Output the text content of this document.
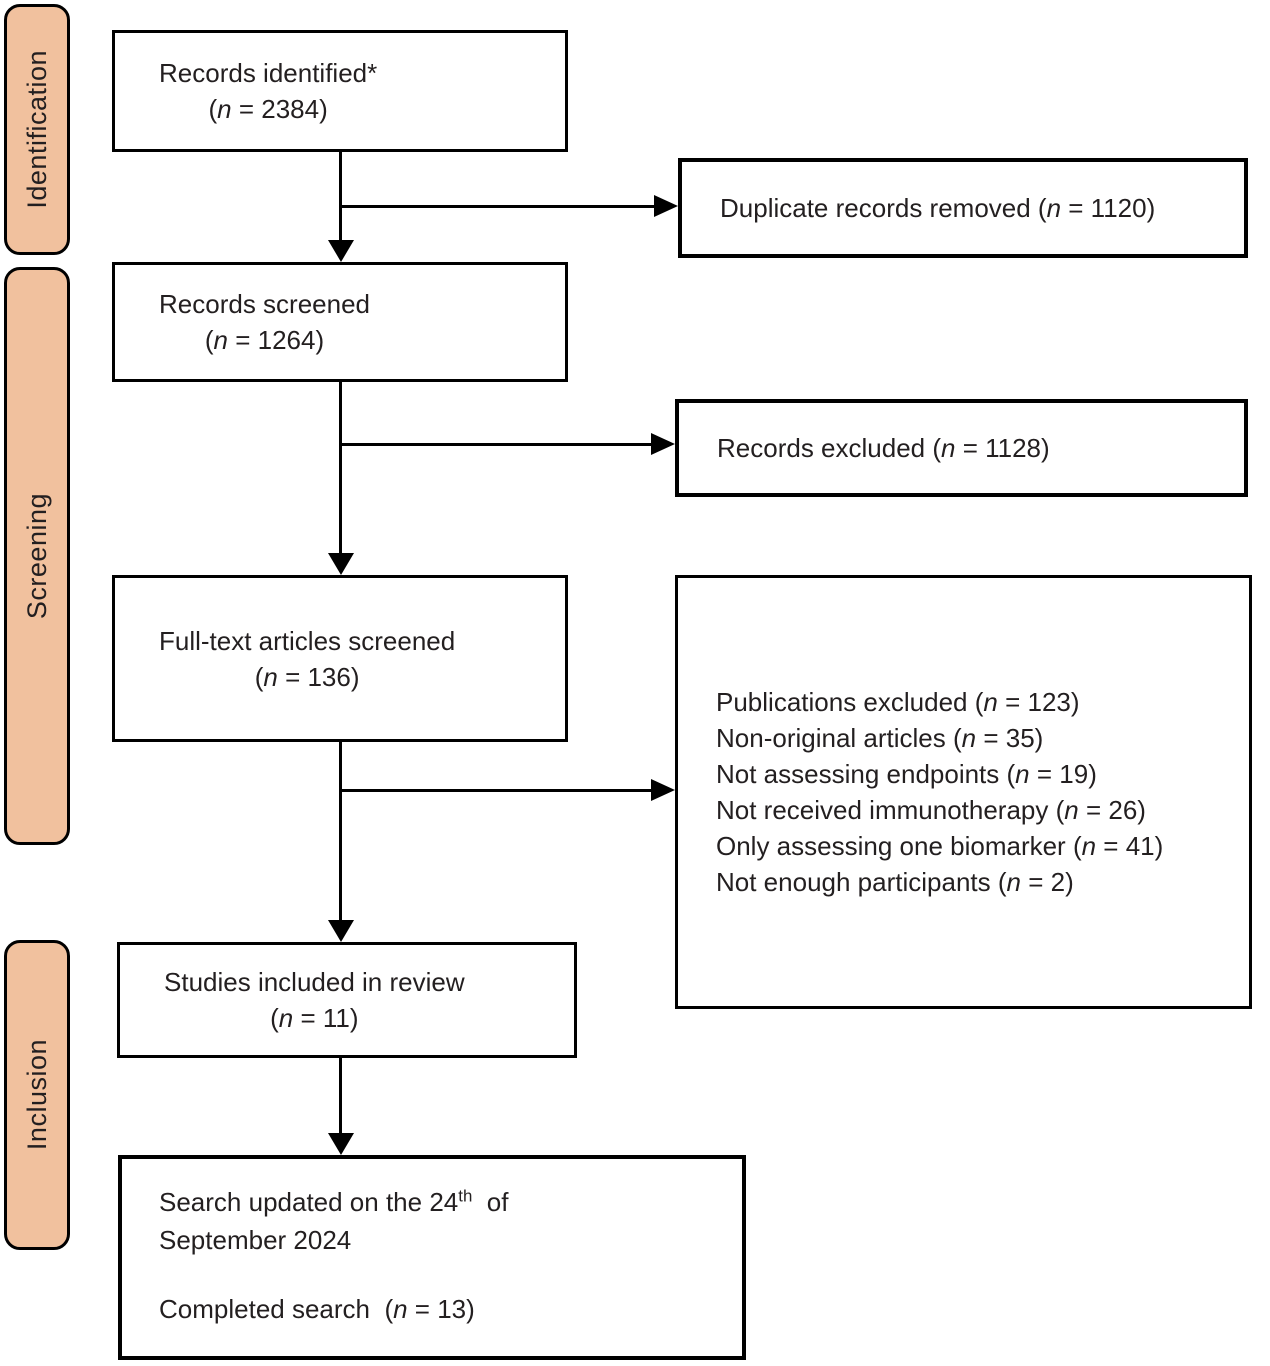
Identification
Screening
Inclusion
Records identified*
(n = 2384)
Records screened
(n = 1264)
Full-text articles screened
(n = 136)
Studies included in review
(n = 11)
Search updated on the 24th  of
September 2024
Completed search  (n = 13)
Duplicate records removed (n = 1120)
Records excluded (n = 1128)
Publications excluded (n = 123)
Non-original articles (n = 35)
Not assessing endpoints (n = 19)
Not received immunotherapy (n = 26)
Only assessing one biomarker (n = 41)
Not enough participants (n = 2)
